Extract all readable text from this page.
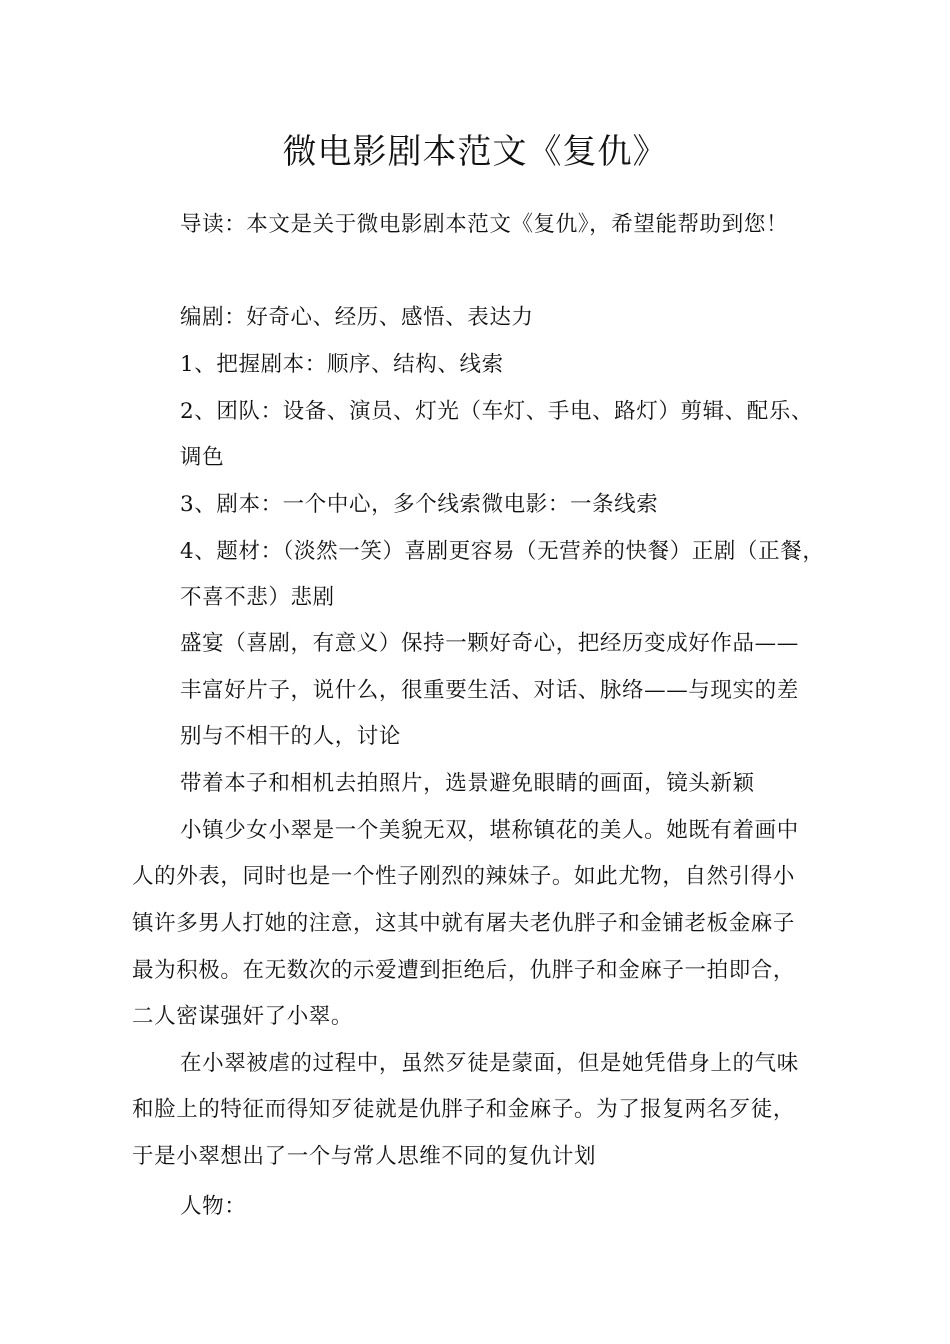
微电影剧本范文《复仇》
导读：本文是关于微电影剧本范文《复仇》，希望能帮助到您！
编剧：好奇心、经历、感悟、表达力
1、把握剧本：顺序、结构、线索
2、团队：设备、演员、灯光（车灯、手电、路灯）剪辑、配乐、
调色
3、剧本：一个中心，多个线索微电影：一条线索
4、题材：（淡然一笑）喜剧更容易（无营养的快餐）正剧（正餐，
不喜不悲）悲剧
盛宴（喜剧，有意义）保持一颗好奇心，把经历变成好作品——
丰富好片子，说什么，很重要生活、对话、脉络——与现实的差
别与不相干的人，讨论
带着本子和相机去拍照片，选景避免眼睛的画面，镜头新颖
小镇少女小翠是一个美貌无双，堪称镇花的美人。她既有着画中
人的外表，同时也是一个性子刚烈的辣妹子。如此尤物，自然引得小
镇许多男人打她的注意，这其中就有屠夫老仇胖子和金铺老板金麻子
最为积极。在无数次的示爱遭到拒绝后，仇胖子和金麻子一拍即合，
二人密谋强奸了小翠。
在小翠被虐的过程中，虽然歹徒是蒙面，但是她凭借身上的气味
和脸上的特征而得知歹徒就是仇胖子和金麻子。为了报复两名歹徒，
于是小翠想出了一个与常人思维不同的复仇计划
人物：
